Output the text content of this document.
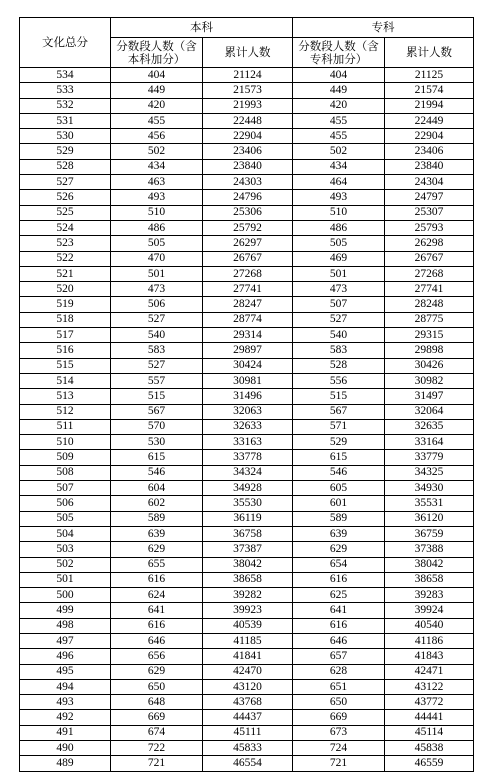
文化总分	本科		专科	
	分数段人数（含本科加分）	累计人数	分数段人数（含专科加分）	累计人数
534	404	21124	404	21125
533	449	21573	449	21574
532	420	21993	420	21994
531	455	22448	455	22449
530	456	22904	455	22904
529	502	23406	502	23406
528	434	23840	434	23840
527	463	24303	464	24304
526	493	24796	493	24797
525	510	25306	510	25307
524	486	25792	486	25793
523	505	26297	505	26298
522	470	26767	469	26767
521	501	27268	501	27268
520	473	27741	473	27741
519	506	28247	507	28248
518	527	28774	527	28775
517	540	29314	540	29315
516	583	29897	583	29898
515	527	30424	528	30426
514	557	30981	556	30982
513	515	31496	515	31497
512	567	32063	567	32064
511	570	32633	571	32635
510	530	33163	529	33164
509	615	33778	615	33779
508	546	34324	546	34325
507	604	34928	605	34930
506	602	35530	601	35531
505	589	36119	589	36120
504	639	36758	639	36759
503	629	37387	629	37388
502	655	38042	654	38042
501	616	38658	616	38658
500	624	39282	625	39283
499	641	39923	641	39924
498	616	40539	616	40540
497	646	41185	646	41186
496	656	41841	657	41843
495	629	42470	628	42471
494	650	43120	651	43122
493	648	43768	650	43772
492	669	44437	669	44441
491	674	45111	673	45114
490	722	45833	724	45838
489	721	46554	721	46559
